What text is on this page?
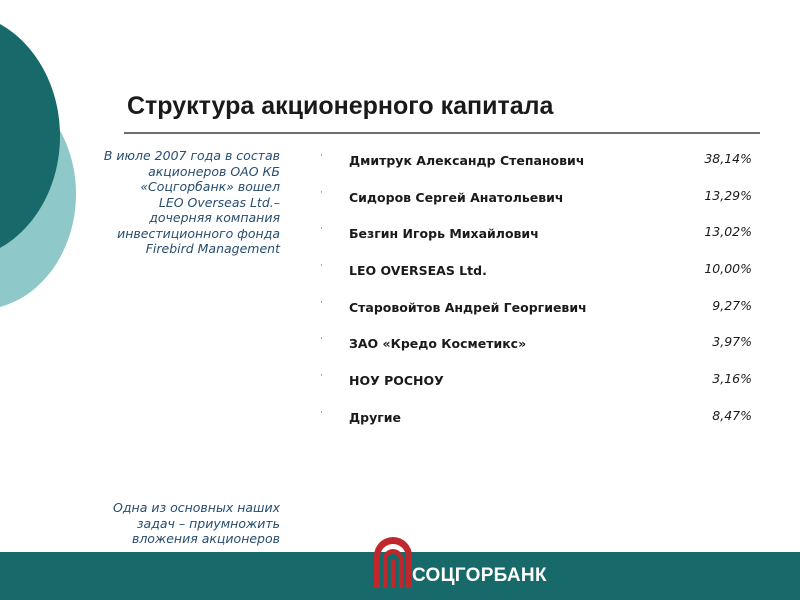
Структура акционерного капитала

В июле 2007 года в состав
акционеров ОАО КБ
«Соцгорбанк» вошел
LEO Overseas Ltd.–
дочерняя компания
инвестиционного фонда
Firebird Management

· Дмитрук Александр Степанович	38,14%
· Сидоров Сергей Анатольевич	13,29%
· Безгин Игорь Михайлович	13,02%
· LEO OVERSEAS Ltd.	10,00%
· Старовойтов Андрей Георгиевич	9,27%
· ЗАО «Кредо Косметикс»	3,97%
· НОУ РОСНОУ	3,16%
· Другие	8,47%

Одна из основных наших
задач – приумножить
вложения акционеров

СОЦГОРБАНК
